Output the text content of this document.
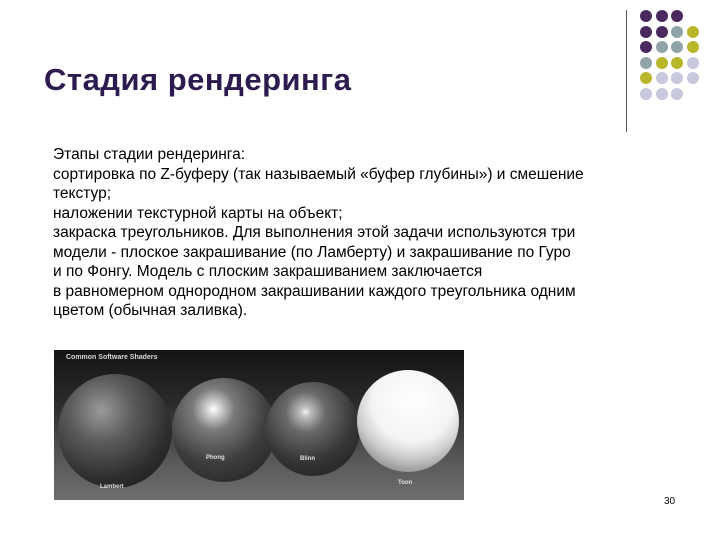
Стадия рендеринга
Этапы стадии рендеринга:
сортировка по Z-буферу (так называемый «буфер глубины») и смешение
текстур;
наложении текстурной карты на объект;
закраска треугольников. Для выполнения этой задачи используются три
модели - плоское закрашивание (по Ламберту) и закрашивание по Гуро
и по Фонгу. Модель с плоским закрашиванием заключается
в равномерном однородном закрашивании каждого треугольника одним
цветом (обычная заливка).
Common Software Shaders
Lambert
Phong	Blinn
Toon
30
